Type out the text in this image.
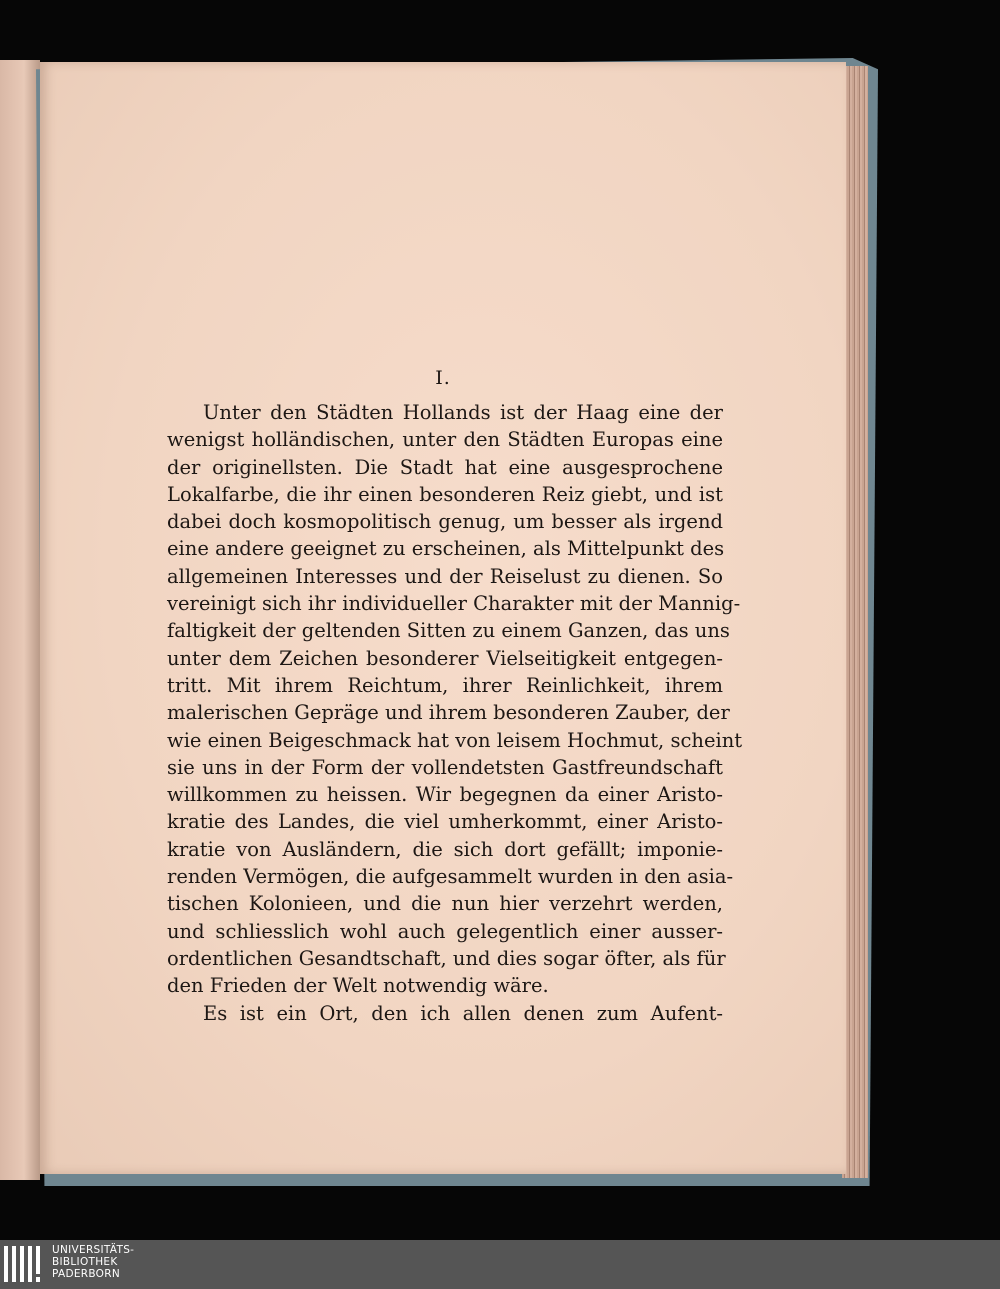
I.
Unter den Städten Hollands ist der Haag eine der
wenigst holländischen, unter den Städten Europas eine
der originellsten. Die Stadt hat eine ausgesprochene
Lokalfarbe, die ihr einen besonderen Reiz giebt, und ist
dabei doch kosmopolitisch genug, um besser als irgend
eine andere geeignet zu erscheinen, als Mittelpunkt des
allgemeinen Interesses und der Reiselust zu dienen. So
vereinigt sich ihr individueller Charakter mit der Mannig-
faltigkeit der geltenden Sitten zu einem Ganzen, das uns
unter dem Zeichen besonderer Vielseitigkeit entgegen-
tritt. Mit ihrem Reichtum, ihrer Reinlichkeit, ihrem
malerischen Gepräge und ihrem besonderen Zauber, der
wie einen Beigeschmack hat von leisem Hochmut, scheint
sie uns in der Form der vollendetsten Gastfreundschaft
willkommen zu heissen. Wir begegnen da einer Aristo-
kratie des Landes, die viel umherkommt, einer Aristo-
kratie von Ausländern, die sich dort gefällt; imponie-
renden Vermögen, die aufgesammelt wurden in den asia-
tischen Kolonieen, und die nun hier verzehrt werden,
und schliesslich wohl auch gelegentlich einer ausser-
ordentlichen Gesandtschaft, und dies sogar öfter, als für
den Frieden der Welt notwendig wäre.
Es ist ein Ort, den ich allen denen zum Aufent-
UNIVERSITÄTS-
BIBLIOTHEK
PADERBORN
